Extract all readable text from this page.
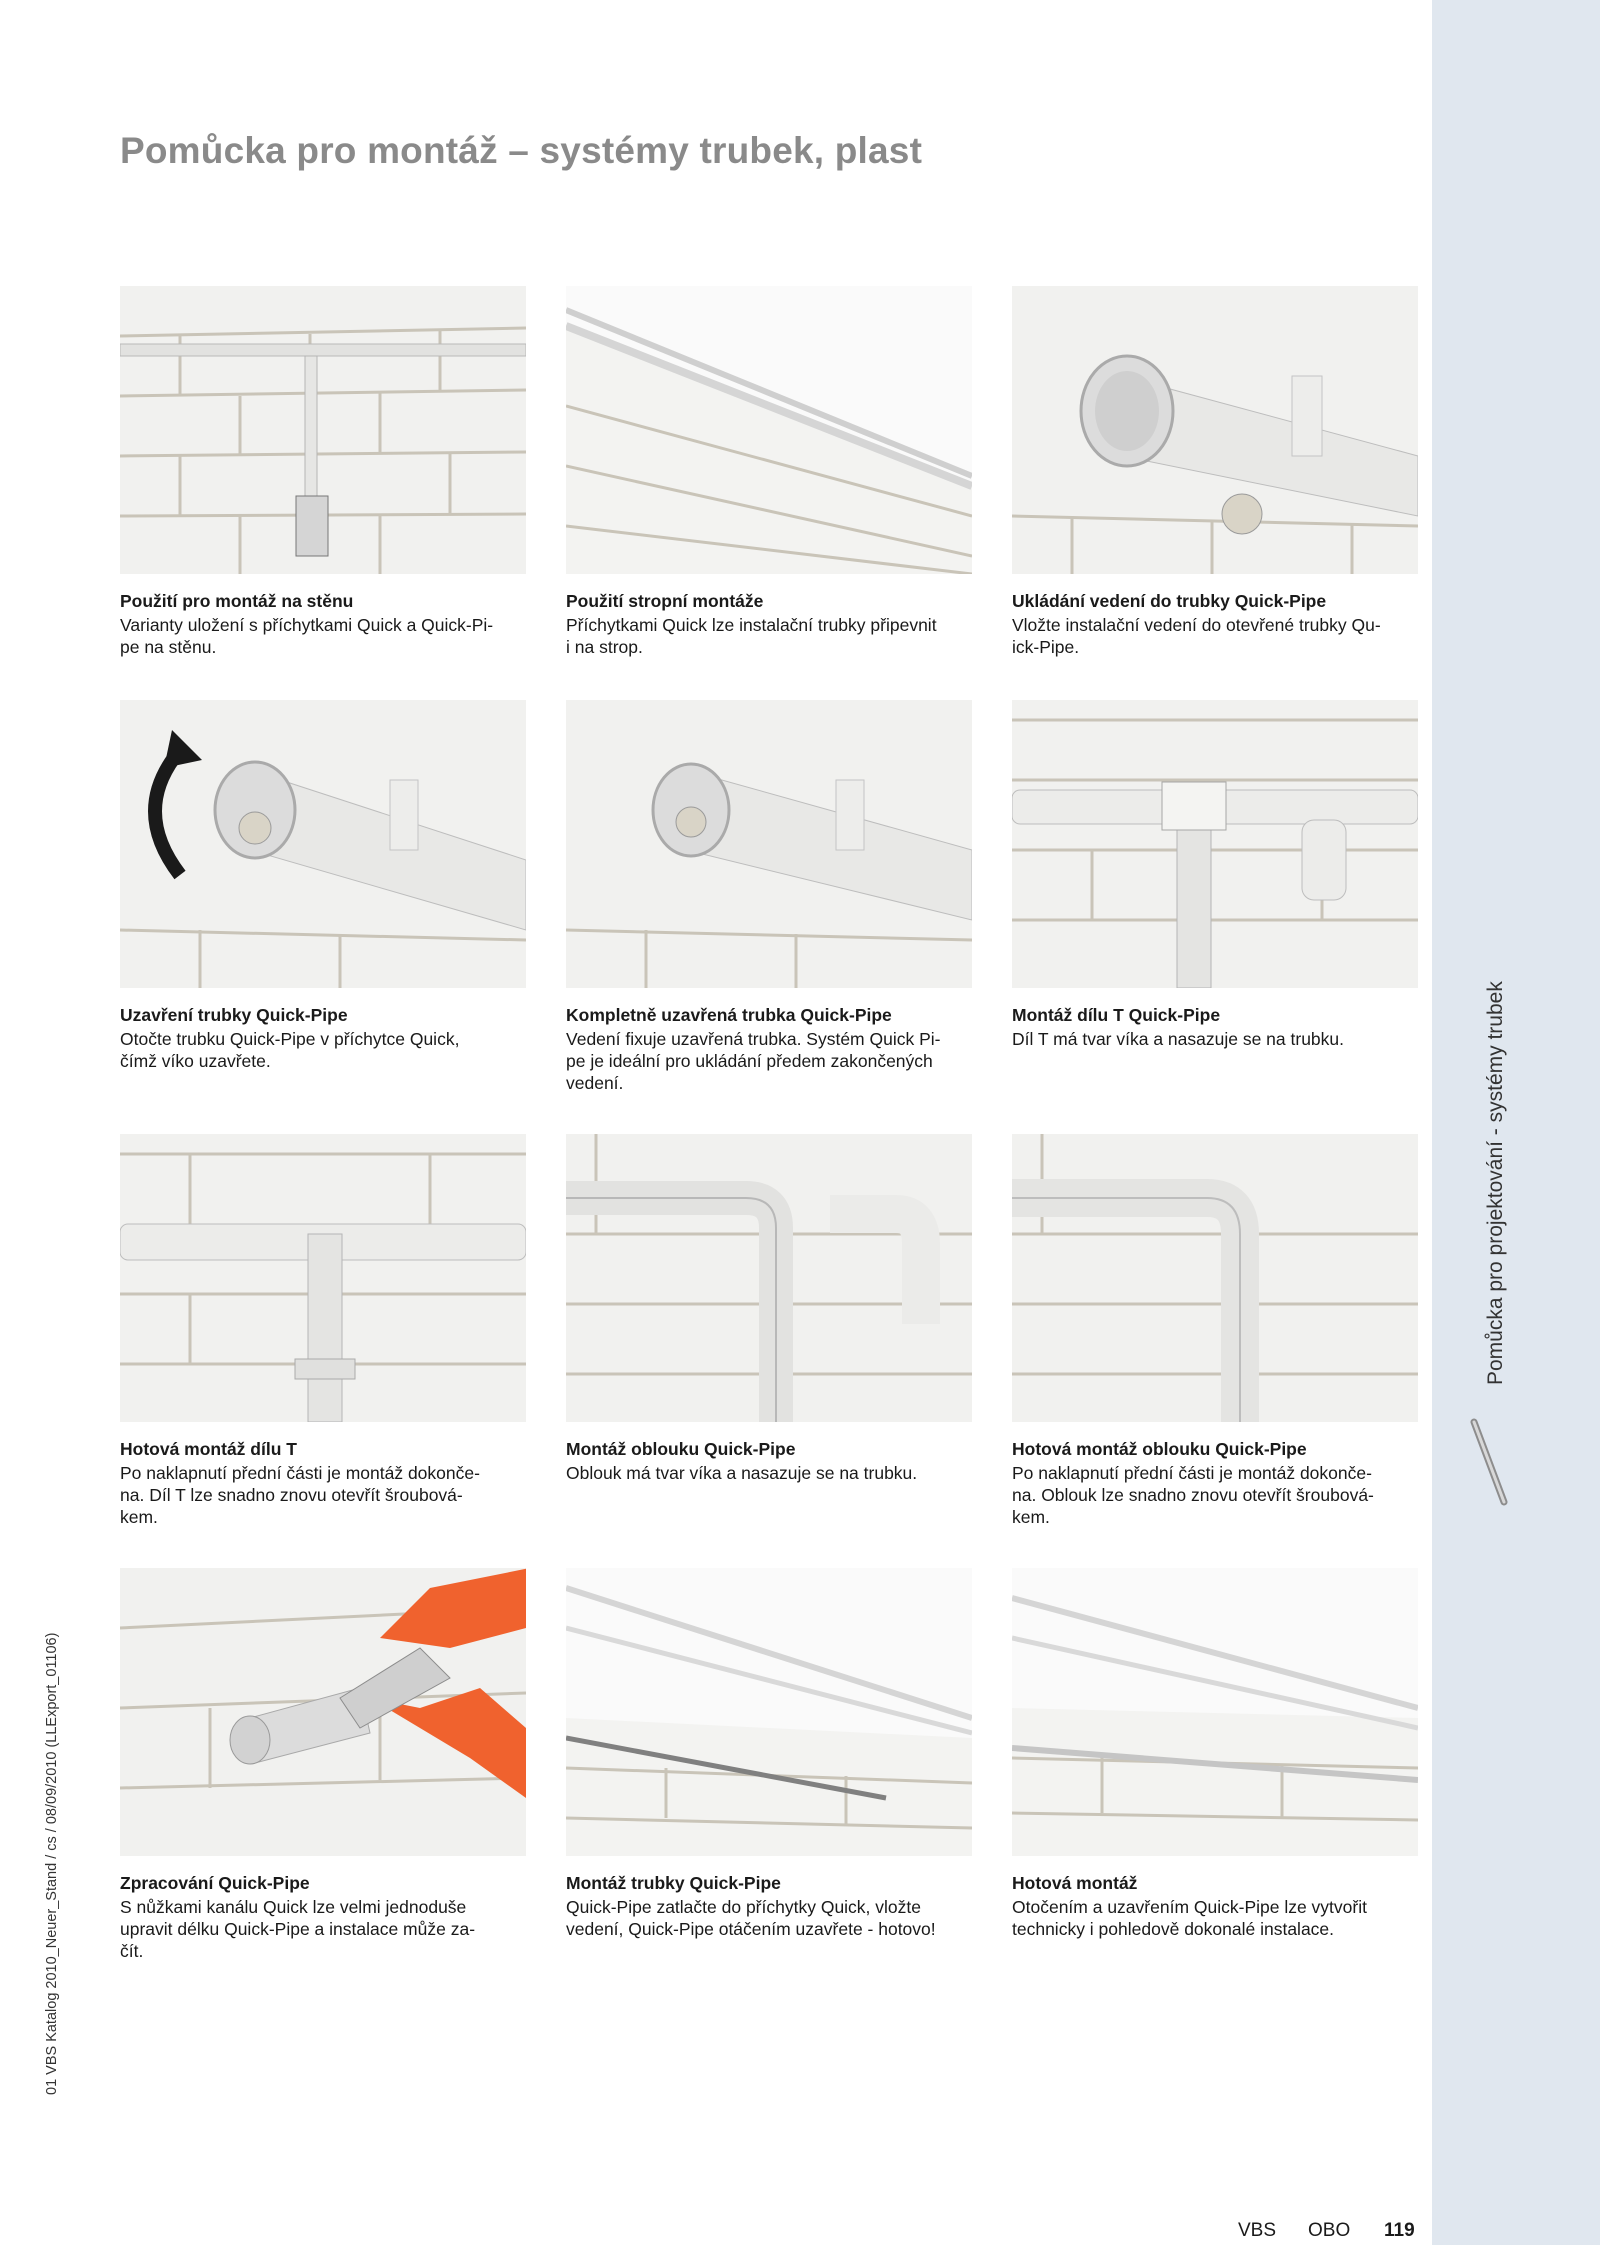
Pomůcka pro projektování - systémy trubek
01 VBS Katalog 2010_Neuer_Stand / cs / 08/09/2010 (LLExport_01106)
Pomůcka pro montáž – systémy trubek, plast
Použití pro montáž na stěnu
Varianty uložení s příchytkami Quick a Quick-Pi-
pe na stěnu.
Použití stropní montáže
Příchytkami Quick lze instalační trubky připevnit
i na strop.
Ukládání vedení do trubky Quick-Pipe
Vložte instalační vedení do otevřené trubky Qu-
ick-Pipe.
Uzavření trubky Quick-Pipe
Otočte trubku Quick-Pipe v příchytce Quick,
čímž víko uzavřete.
Kompletně uzavřená trubka Quick-Pipe
Vedení fixuje uzavřená trubka. Systém Quick Pi-
pe je ideální pro ukládání předem zakončených
vedení.
Montáž dílu T Quick-Pipe
Díl T má tvar víka a nasazuje se na trubku.
Hotová montáž dílu T
Po naklapnutí přední části je montáž dokonče-
na. Díl T lze snadno znovu otevřít šroubová-
kem.
Montáž oblouku Quick-Pipe
Oblouk má tvar víka a nasazuje se na trubku.
Hotová montáž oblouku Quick-Pipe
Po naklapnutí přední části je montáž dokonče-
na. Oblouk lze snadno znovu otevřít šroubová-
kem.
Zpracování Quick-Pipe
S nůžkami kanálu Quick lze velmi jednoduše
upravit délku Quick-Pipe a instalace může za-
čít.
Montáž trubky Quick-Pipe
Quick-Pipe zatlačte do příchytky Quick, vložte
vedení, Quick-Pipe otáčením uzavřete - hotovo!
Hotová montáž
Otočením a uzavřením Quick-Pipe lze vytvořit
technicky i pohledově dokonalé instalace.
VBS OBO 119
